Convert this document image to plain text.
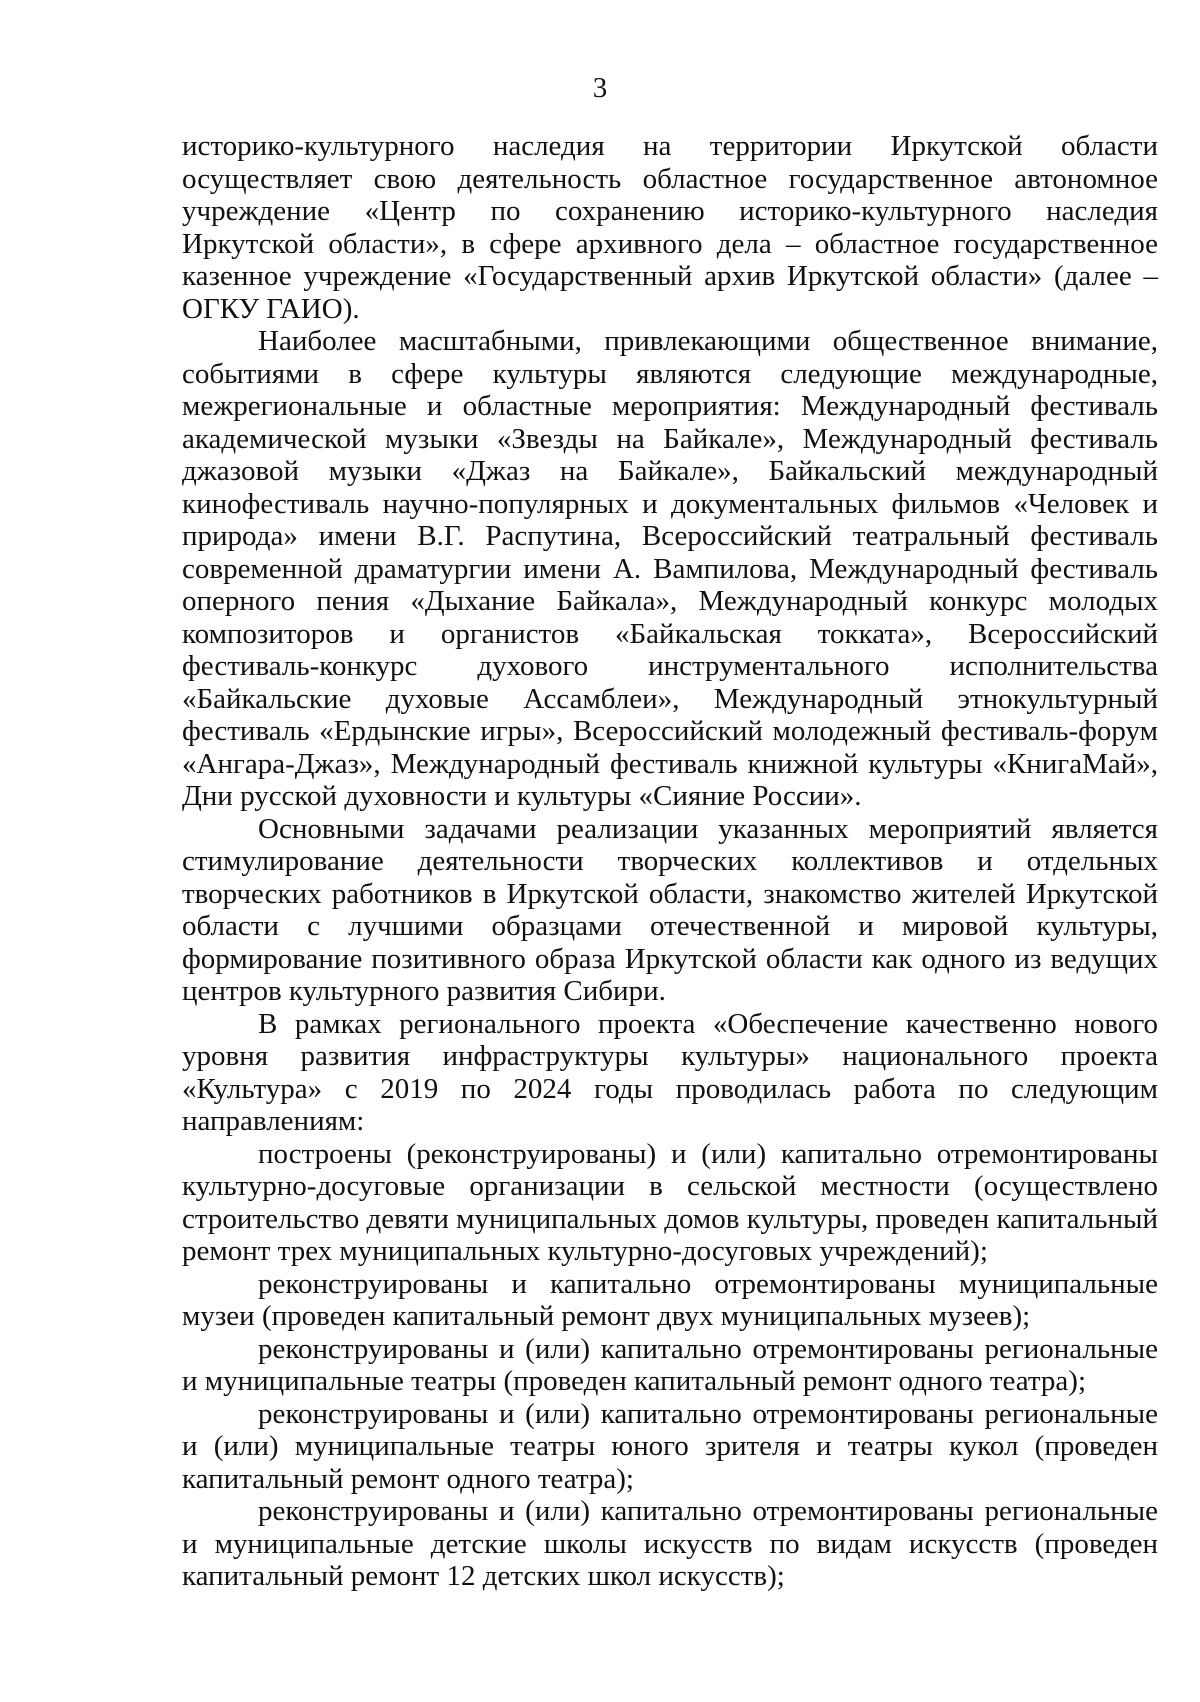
3

историко-культурного наследия на территории Иркутской области осуществляет свою деятельность областное государственное автономное учреждение «Центр по сохранению историко-культурного наследия Иркутской области», в сфере архивного дела – областное государственное казенное учреждение «Государственный архив Иркутской области» (далее – ОГКУ ГАИО).

Наиболее масштабными, привлекающими общественное внимание, событиями в сфере культуры являются следующие международные, межрегиональные и областные мероприятия: Международный фестиваль академической музыки «Звезды на Байкале», Международный фестиваль джазовой музыки «Джаз на Байкале», Байкальский международный кинофестиваль научно-популярных и документальных фильмов «Человек и природа» имени В.Г. Распутина, Всероссийский театральный фестиваль современной драматургии имени А. Вампилова, Международный фестиваль оперного пения «Дыхание Байкала», Международный конкурс молодых композиторов и органистов «Байкальская токката», Всероссийский фестиваль-конкурс духового инструментального исполнительства «Байкальские духовые Ассамблеи», Международный этнокультурный фестиваль «Ердынские игры», Всероссийский молодежный фестиваль-форум «Ангара-Джаз», Международный фестиваль книжной культуры «КнигаМай», Дни русской духовности и культуры «Сияние России».

Основными задачами реализации указанных мероприятий является стимулирование деятельности творческих коллективов и отдельных творческих работников в Иркутской области, знакомство жителей Иркутской области с лучшими образцами отечественной и мировой культуры, формирование позитивного образа Иркутской области как одного из ведущих центров культурного развития Сибири.

В рамках регионального проекта «Обеспечение качественно нового уровня развития инфраструктуры культуры» национального проекта «Культура» с 2019 по 2024 годы проводилась работа по следующим направлениям:

построены (реконструированы) и (или) капитально отремонтированы культурно-досуговые организации в сельской местности (осуществлено строительство девяти муниципальных домов культуры, проведен капитальный ремонт трех муниципальных культурно-досуговых учреждений);

реконструированы и капитально отремонтированы муниципальные музеи (проведен капитальный ремонт двух муниципальных музеев);

реконструированы и (или) капитально отремонтированы региональные и муниципальные театры (проведен капитальный ремонт одного театра);

реконструированы и (или) капитально отремонтированы региональные и (или) муниципальные театры юного зрителя и театры кукол (проведен капитальный ремонт одного театра);

реконструированы и (или) капитально отремонтированы региональные и муниципальные детские школы искусств по видам искусств (проведен капитальный ремонт 12 детских школ искусств);
